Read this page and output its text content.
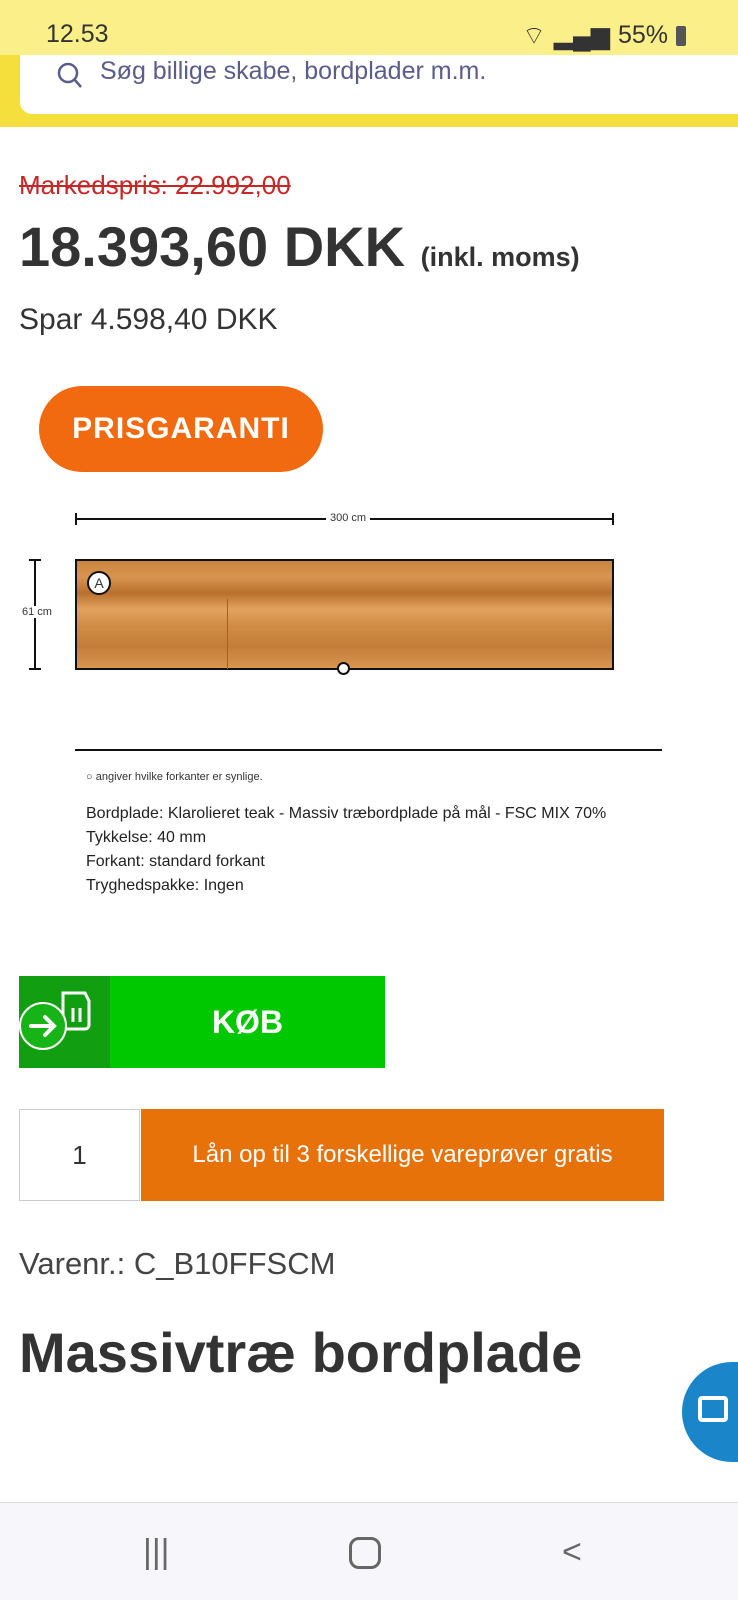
12.53	⌔ ▂▄▆ 55%
Søg billige skabe, bordplader m.m.
Markedspris: 22.992,00
18.393,60 DKK (inkl. moms)
Spar 4.598,40 DKK
PRISGARANTI
300 cm
61 cm
A
○ angiver hvilke forkanter er synlige.
Bordplade: Klarolieret teak - Massiv træbordplade på mål - FSC MIX 70%
Tykkelse: 40 mm
Forkant: standard forkant
Tryghedspakke: Ingen
KØB
1	Lån op til 3 forskellige vareprøver gratis
Varenr.: C_B10FFSCM
Massivtræ bordplade
|||	<
